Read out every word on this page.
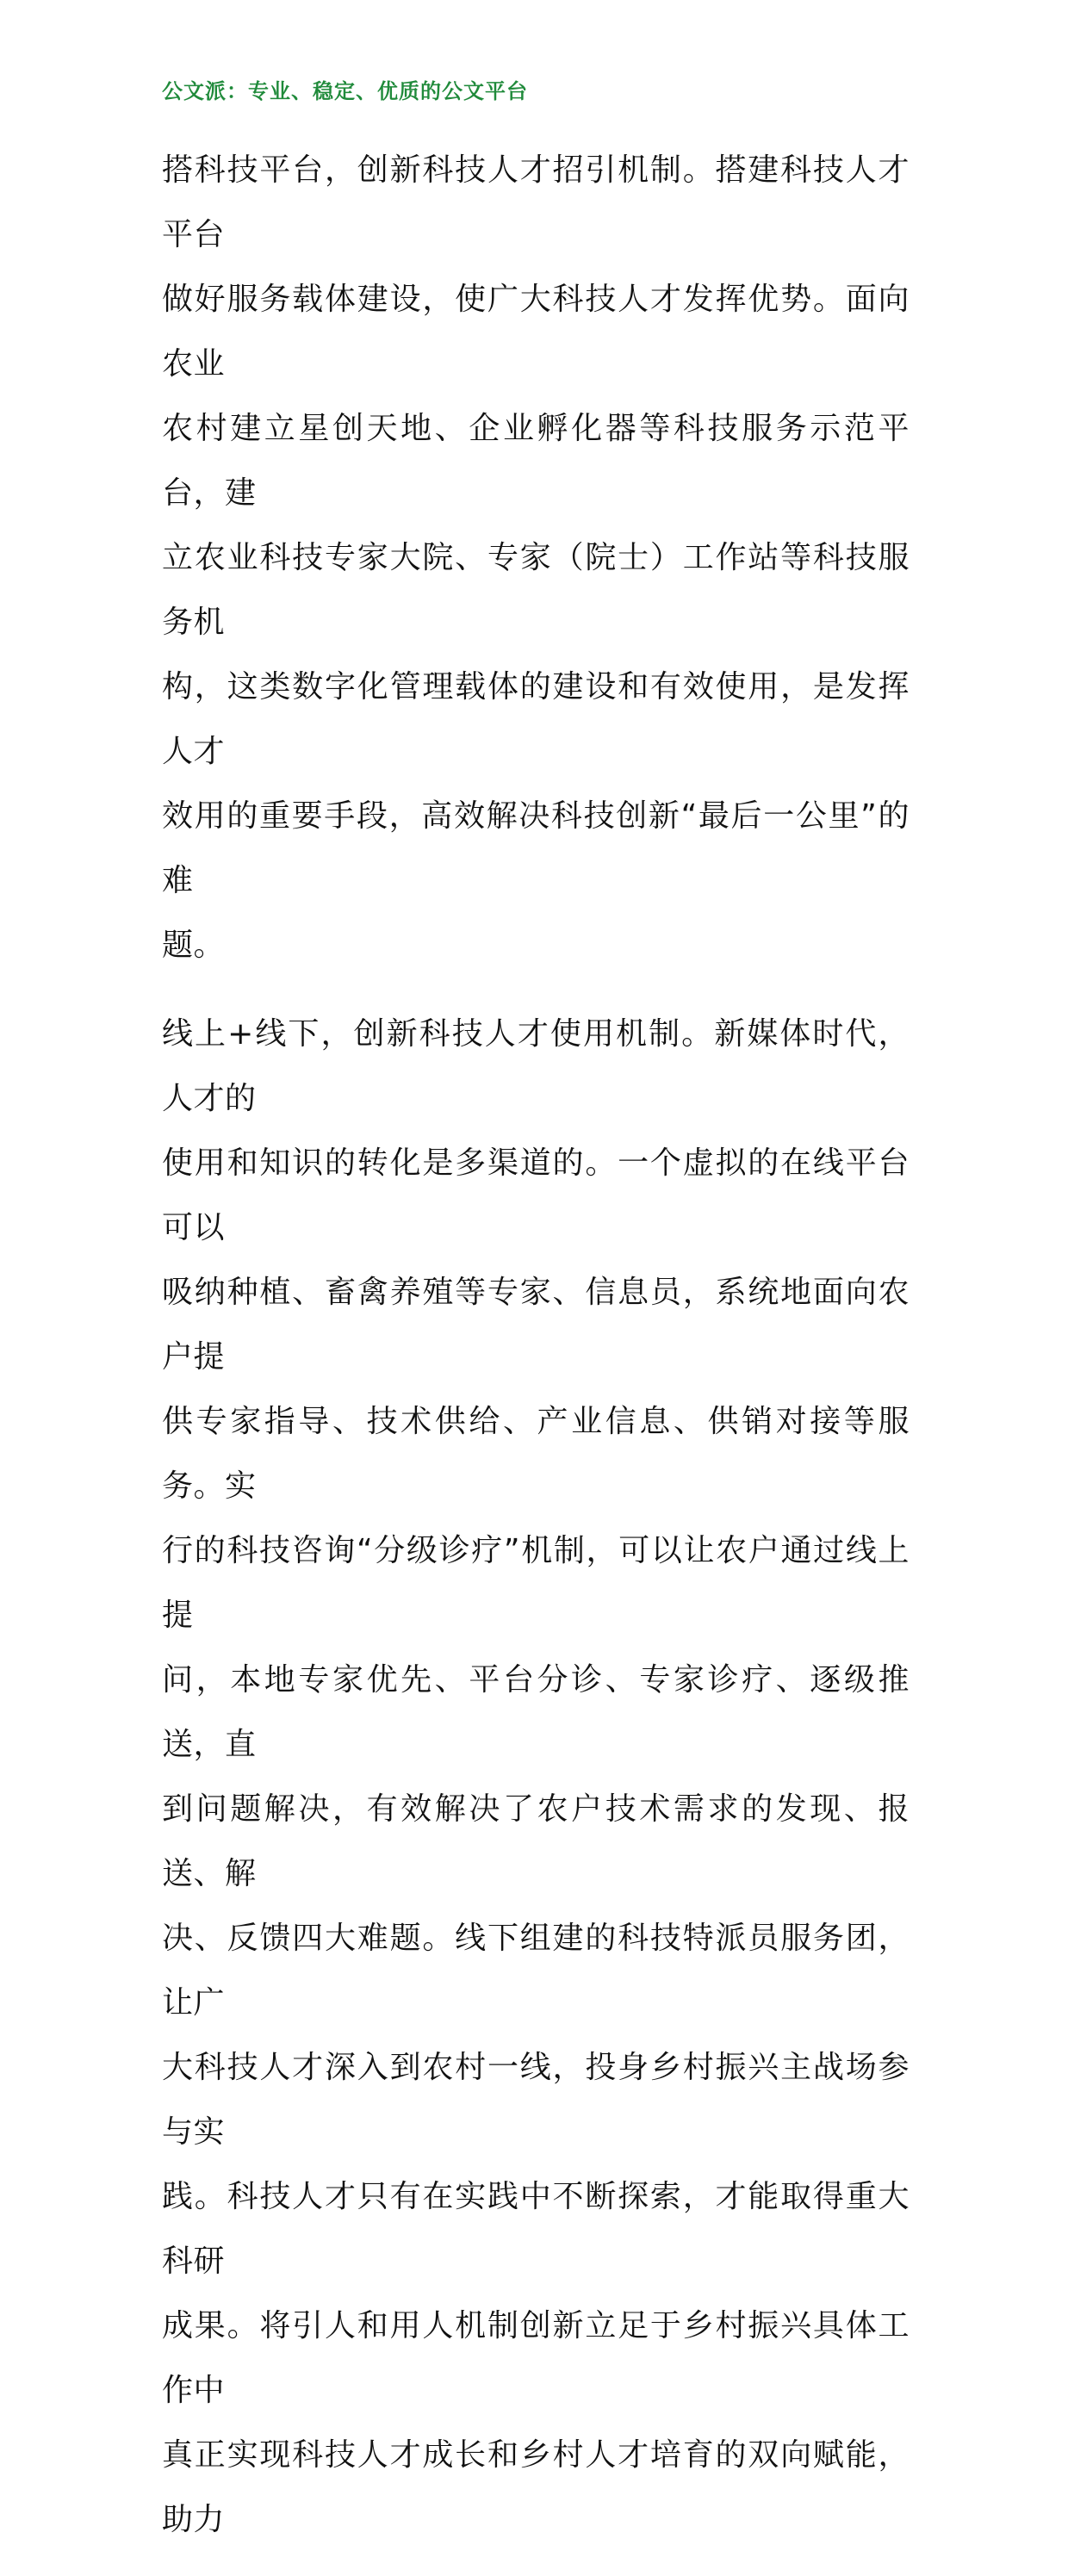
公文派：专业、稳定、优质的公文平台
搭科技平台，创新科技人才招引机制。搭建科技人才平台
做好服务载体建设，使广大科技人才发挥优势。面向农业
农村建立星创天地、企业孵化器等科技服务示范平台，建
立农业科技专家大院、专家（院士）工作站等科技服务机
构，这类数字化管理载体的建设和有效使用，是发挥人才
效用的重要手段，高效解决科技创新“最后一公里”的难
题。
线上+线下，创新科技人才使用机制。新媒体时代，人才的
使用和知识的转化是多渠道的。一个虚拟的在线平台可以
吸纳种植、畜禽养殖等专家、信息员，系统地面向农户提
供专家指导、技术供给、产业信息、供销对接等服务。实
行的科技咨询“分级诊疗”机制，可以让农户通过线上提
问，本地专家优先、平台分诊、专家诊疗、逐级推送，直
到问题解决，有效解决了农户技术需求的发现、报送、解
决、反馈四大难题。线下组建的科技特派员服务团，让广
大科技人才深入到农村一线，投身乡村振兴主战场参与实
践。科技人才只有在实践中不断探索，才能取得重大科研
成果。将引人和用人机制创新立足于乡村振兴具体工作中
真正实现科技人才成长和乡村人才培育的双向赋能，助力
